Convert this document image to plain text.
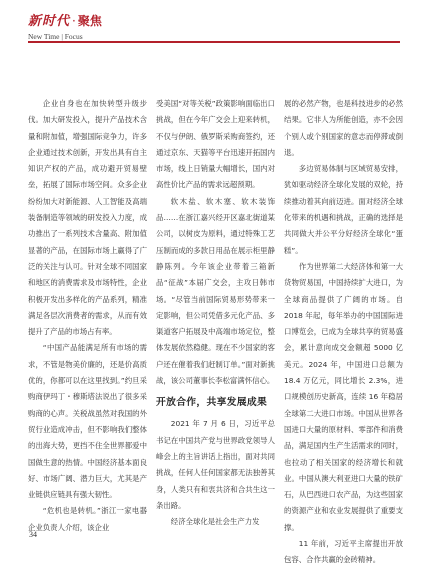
新时代 · 聚焦
New Time | Focus

企业自身也在加快转型升级步伐。加大研发投入，提升产品技术含量和附加值，增强国际竞争力，许多企业通过技术创新，开发出具有自主知识产权的产品，成功避开贸易壁垒，拓展了国际市场空间。众多企业纷纷加大对新能源、人工智能及高端装备制造等领域的研发投入力度，成功推出了一系列技术含量高、附加值显著的产品，在国际市场上赢得了广泛的关注与认可。针对全球不同国家和地区的消费需求及市场特性，企业积极开发出多样化的产品系列，精准满足各层次消费者的需求，从而有效提升了产品的市场占有率。

“中国产品能满足所有市场的需求，不管是物美价廉的，还是价高质优的，你都可以在这里找到。”约旦采购商伊玛丁・穆斯塔法说出了很多采购商的心声。关税战虽然对我国的外贸行业造成冲击，但不影响我们整体的出海大势，更挡不住全世界都爱中国做生意的热情。中国经济基本面良好、市场广阔、潜力巨大，尤其是产业链供应链具有强大韧性。

“危机也是转机。”浙江一家电器企业负责人介绍，该企业

受美国“对等关税”政策影响面临出口挑战，但在今年广交会上迎来转机，不仅与伊朗、俄罗斯采购商签约，还通过京东、天猫等平台迅速开拓国内市场，线上日销量大幅增长，国内对高性价比产品的需求远超预期。

软木盐、软木塞、软木装饰品……在浙江嘉兴经开区嘉北街道某公司，以树皮为原料，通过特殊工艺压制而成的多款日用品在展示柜里静静陈列。今年该企业带着三箱新品“征战”本届广交会，主攻日韩市场。“尽管当前国际贸易形势带来一定影响，但公司凭借多元化产品、多渠道客户拓展及中高端市场定位，整体发展依然稳健。现在不少国家的客户还在催着我们赶制订单。”面对新挑战，该公司董事长李松富满怀信心。

开放合作，共享发展成果

2021 年 7 月 6 日，习近平总书记在中国共产党与世界政党领导人峰会上的主旨讲话上指出，面对共同挑战，任何人任何国家都无法独善其身，人类只有和衷共济和合共生这一条出路。

经济全球化是社会生产力发

展的必然产物，也是科技进步的必然结果。它非人为所能创造，亦不会因个别人或个别国家的意志而停滞或倒退。

多边贸易体制与区域贸易安排，犹如驱动经济全球化发展的双轮，持续推动着其向前迈进。面对经济全球化带来的机遇和挑战，正确的选择是共同做大并公平分好经济全球化“蛋糕”。

作为世界第二大经济体和第一大货物贸易国，中国持续扩大进口，为全球商品提供了广阔的市场。自 2018 年起，每年举办的中国国际进口博览会，已成为全球共享的贸易盛会，累计意向成交金额超 5000 亿美元。2024 年，中国进口总额为 18.4 万亿元，同比增长 2.3%，进口规模创历史新高，连续 16 年稳居全球第二大进口市场。中国从世界各国进口大量的原材料、零部件和消费品，满足国内生产生活需求的同时，也拉动了相关国家的经济增长和就业。中国从澳大利亚进口大量的铁矿石，从巴西进口农产品，为这些国家的资源产业和农业发展提供了重要支撑。

11 年前，习近平主席提出开放包容、合作共赢的金砖精神。

34
